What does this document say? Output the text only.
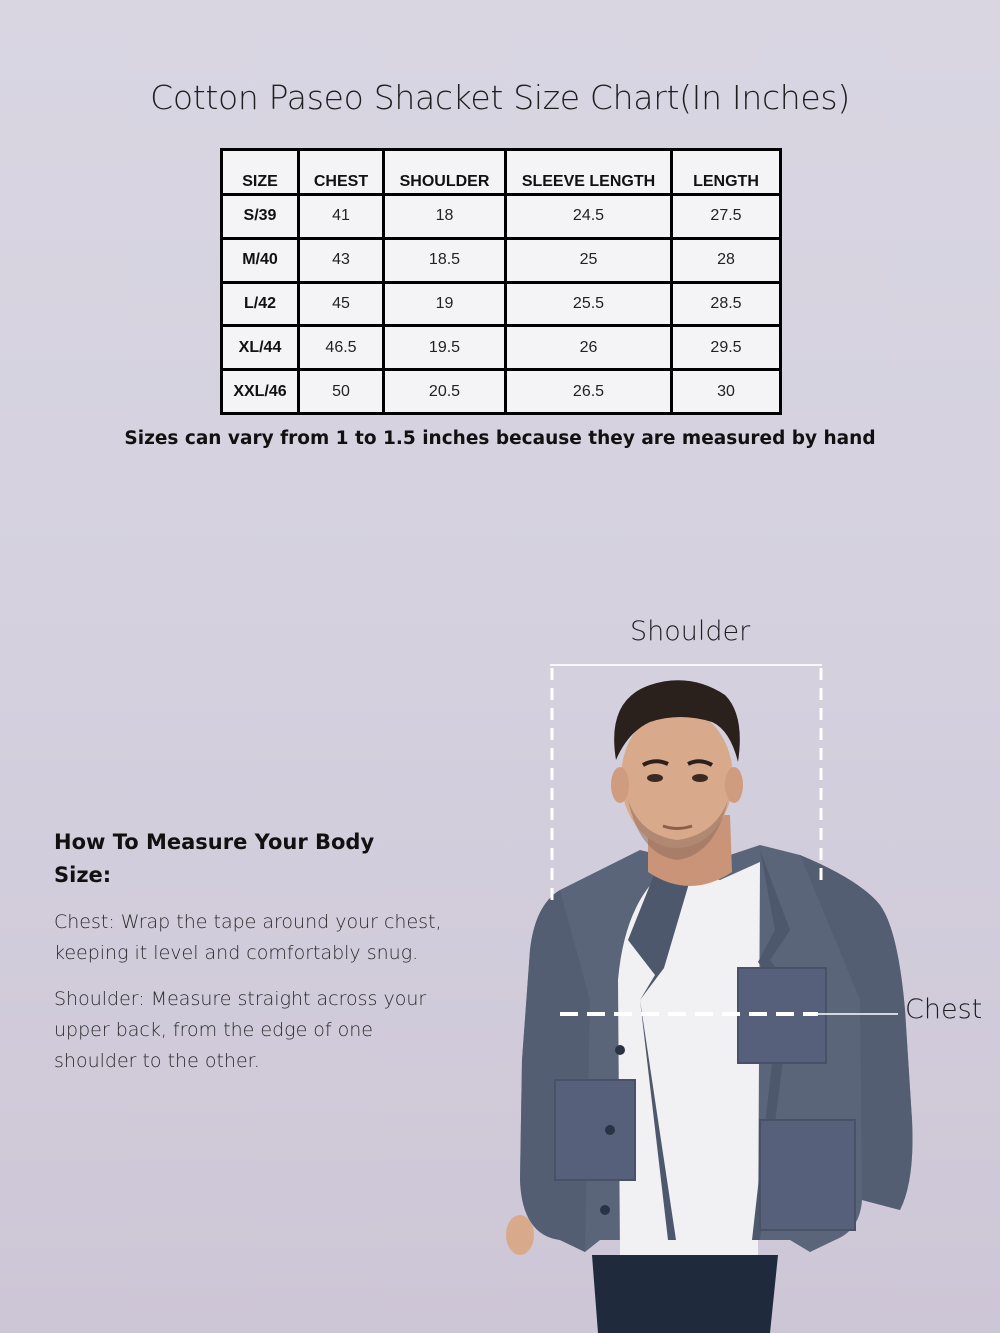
Cotton Paseo Shacket Size Chart(In Inches)
SIZE	CHEST	SHOULDER	SLEEVE LENGTH	LENGTH
S/39	41	18	24.5	27.5
M/40	43	18.5	25	28
L/42	45	19	25.5	28.5
XL/44	46.5	19.5	26	29.5
XXL/46	50	20.5	26.5	30
Sizes can vary from 1 to 1.5 inches because they are measured by hand
How To Measure Your Body Size:
Chest: Wrap the tape around your chest, keeping it level and comfortably snug.
Shoulder: Measure straight across your upper back, from the edge of one shoulder to the other.
Shoulder
Chest
